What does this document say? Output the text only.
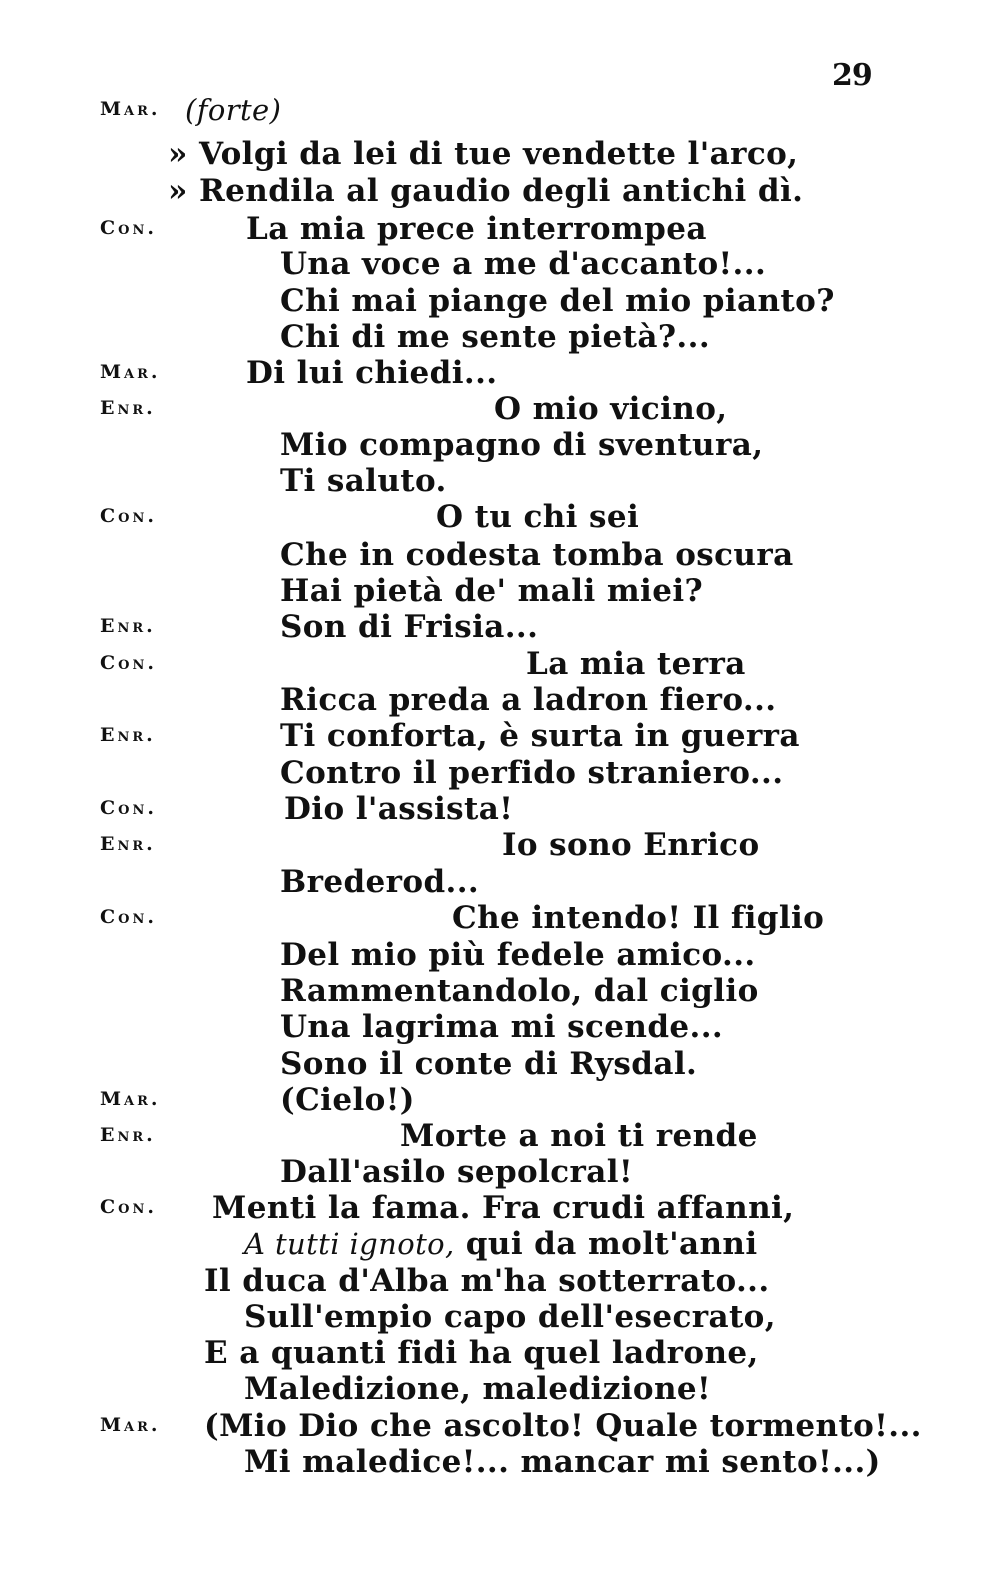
29
Mar. (forte)
» Volgi da lei di tue vendette l'arco,
» Rendila al gaudio degli antichi dì.
Con.	La mia prece interrompea
Una voce a me d'accanto!...
Chi mai piange del mio pianto?
Chi di me sente pietà?...
Mar.	Di lui chiedi...
Enr.	O mio vicino,
Mio compagno di sventura,
Ti saluto.
Con.	O tu chi sei
Che in codesta tomba oscura
Hai pietà de' mali miei?
Enr.	Son di Frisia...
Con.	La mia terra
Ricca preda a ladron fiero...
Enr.	Ti conforta, è surta in guerra
Contro il perfido straniero...
Con.	Dio l'assista!
Enr.	Io sono Enrico
Brederod...
Con.	Che intendo! Il figlio
Del mio più fedele amico...
Rammentandolo, dal ciglio
Una lagrima mi scende...
Sono il conte di Rysdal.
Mar.	(Cielo!)
Enr.	Morte a noi ti rende
Dall'asilo sepolcral!
Con. Menti la fama. Fra crudi affanni,
A tutti ignoto, qui da molt'anni
Il duca d'Alba m'ha sotterrato...
Sull'empio capo dell'esecrato,
E a quanti fidi ha quel ladrone,
Maledizione, maledizione!
Mar. (Mio Dio che ascolto! Quale tormento!...
Mi maledice!... mancar mi sento!...)
